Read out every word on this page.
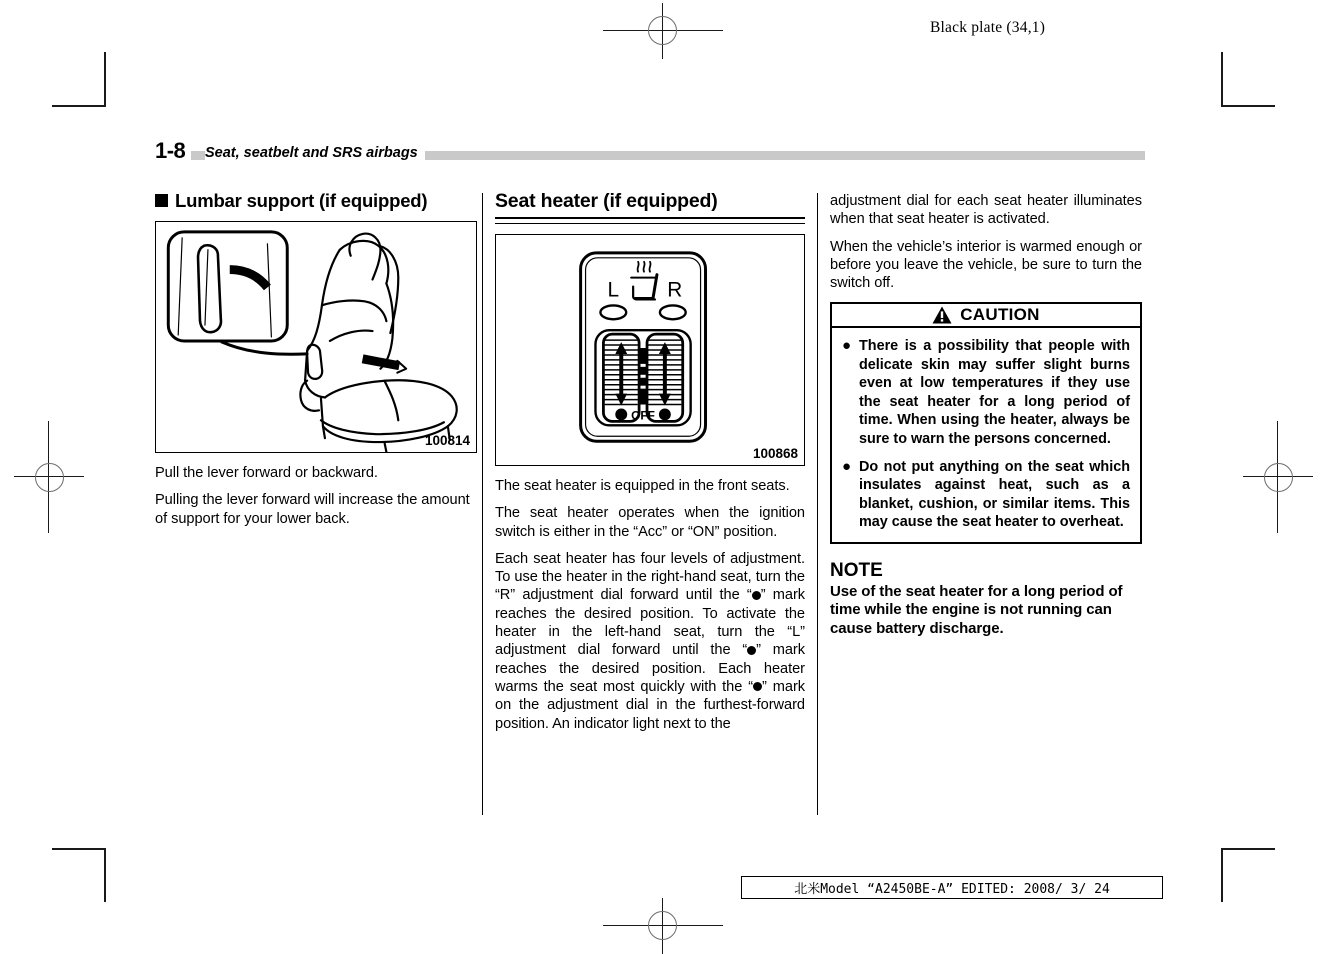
Black plate (34,1)
1-8	Seat, seatbelt and SRS airbags
Lumbar support (if equipped)
100814

Pull the lever forward or backward.

Pulling the lever forward will increase the amount of support for your lower back.

Seat heater (if equipped)
L R
OFF
100868

The seat heater is equipped in the front seats.

The seat heater operates when the ignition switch is either in the “Acc” or “ON” position.

Each seat heater has four levels of adjustment. To use the heater in the right-hand seat, turn the “R” adjustment dial forward until the “ ” mark reaches the desired position. To activate the heater in the left-hand seat, turn the “L” adjustment dial forward until the “ ” mark reaches the desired position. Each heater warms the seat most quickly with the “ ” mark on the adjustment dial in the furthest-forward position. An indicator light next to the

adjustment dial for each seat heater illuminates when that seat heater is activated.

When the vehicle’s interior is warmed enough or before you leave the vehicle, be sure to turn the switch off.

CAUTION
● There is a possibility that people with delicate skin may suffer slight burns even at low temperatures if they use the seat heater for a long period of time. When using the heater, always be sure to warn the persons concerned.
● Do not put anything on the seat which insulates against heat, such as a blanket, cushion, or similar items. This may cause the seat heater to overheat.
NOTE

Use of the seat heater for a long period of time while the engine is not running can cause battery discharge.

北米Model “A2450BE-A” EDITED: 2008/ 3/ 24
